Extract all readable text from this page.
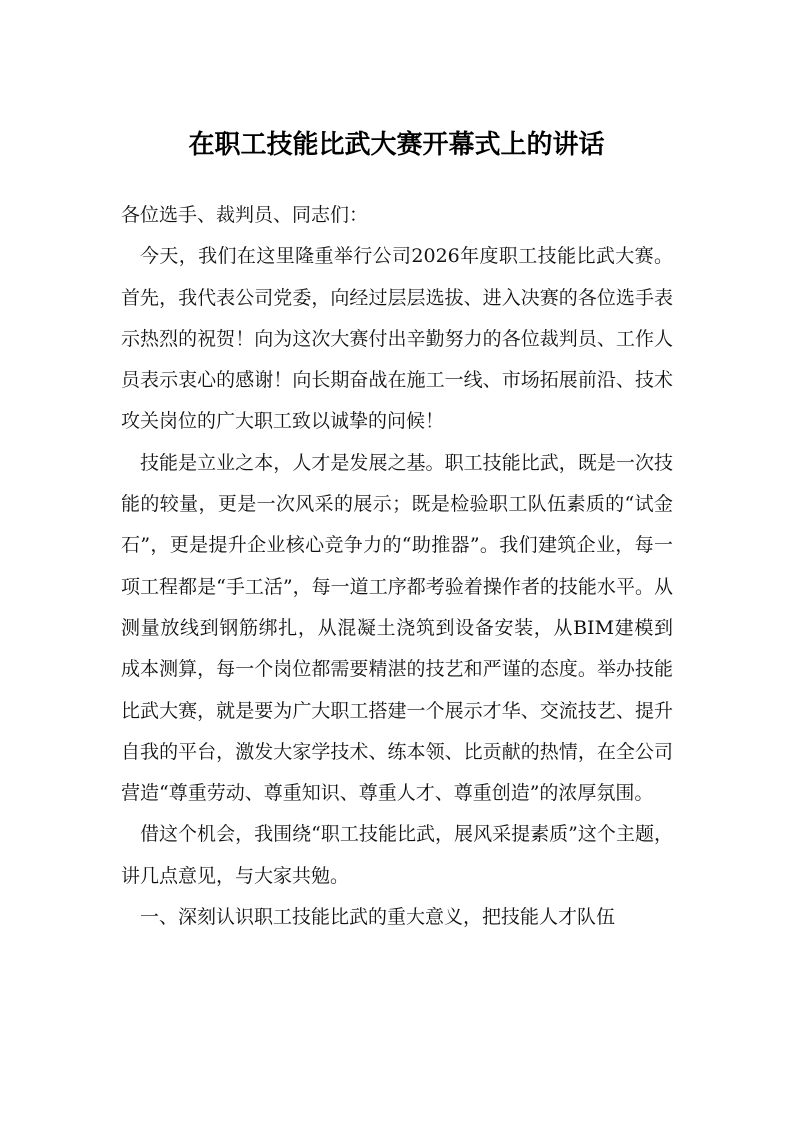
在职工技能比武大赛开幕式上的讲话

各位选手、裁判员、同志们：

今天，我们在这里隆重举行公司2026年度职工技能比武大赛。首先，我代表公司党委，向经过层层选拔、进入决赛的各位选手表示热烈的祝贺！向为这次大赛付出辛勤努力的各位裁判员、工作人员表示衷心的感谢！向长期奋战在施工一线、市场拓展前沿、技术攻关岗位的广大职工致以诚挚的问候！

技能是立业之本，人才是发展之基。职工技能比武，既是一次技能的较量，更是一次风采的展示；既是检验职工队伍素质的“试金石”，更是提升企业核心竞争力的“助推器”。我们建筑企业，每一项工程都是“手工活”，每一道工序都考验着操作者的技能水平。从测量放线到钢筋绑扎，从混凝土浇筑到设备安装，从BIM建模到成本测算，每一个岗位都需要精湛的技艺和严谨的态度。举办技能比武大赛，就是要为广大职工搭建一个展示才华、交流技艺、提升自我的平台，激发大家学技术、练本领、比贡献的热情，在全公司营造“尊重劳动、尊重知识、尊重人才、尊重创造”的浓厚氛围。

借这个机会，我围绕“职工技能比武，展风采提素质”这个主题，讲几点意见，与大家共勉。

一、深刻认识职工技能比武的重大意义，把技能人才队伍
